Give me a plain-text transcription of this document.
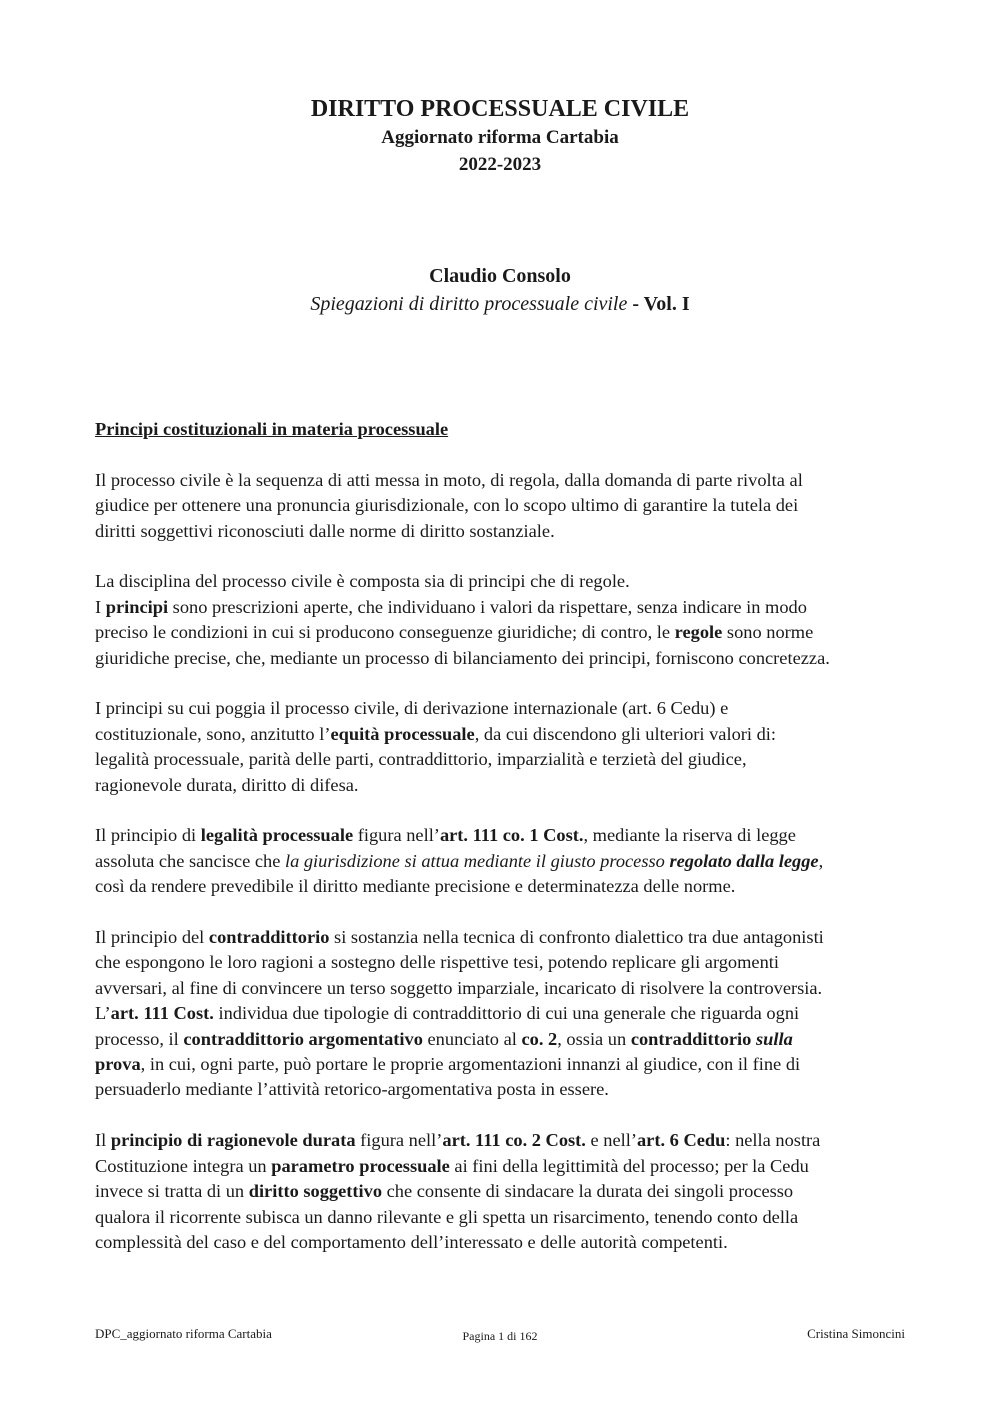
DIRITTO PROCESSUALE CIVILE

Aggiornato riforma Cartabia

2022-2023

Claudio Consolo

Spiegazioni di diritto processuale civile - Vol. I

Principi costituzionali in materia processuale

Il processo civile è la sequenza di atti messa in moto, di regola, dalla domanda di parte rivolta al
giudice per ottenere una pronuncia giurisdizionale, con lo scopo ultimo di garantire la tutela dei
diritti soggettivi riconosciuti dalle norme di diritto sostanziale.

La disciplina del processo civile è composta sia di principi che di regole.
I principi sono prescrizioni aperte, che individuano i valori da rispettare, senza indicare in modo
preciso le condizioni in cui si producono conseguenze giuridiche; di contro, le regole sono norme
giuridiche precise, che, mediante un processo di bilanciamento dei principi, forniscono concretezza.

I principi su cui poggia il processo civile, di derivazione internazionale (art. 6 Cedu) e
costituzionale, sono, anzitutto l’equità processuale, da cui discendono gli ulteriori valori di:
legalità processuale, parità delle parti, contraddittorio, imparzialità e terzietà del giudice,
ragionevole durata, diritto di difesa.

Il principio di legalità processuale figura nell’art. 111 co. 1 Cost., mediante la riserva di legge
assoluta che sancisce che la giurisdizione si attua mediante il giusto processo regolato dalla legge,
così da rendere prevedibile il diritto mediante precisione e determinatezza delle norme.

Il principio del contraddittorio si sostanzia nella tecnica di confronto dialettico tra due antagonisti
che espongono le loro ragioni a sostegno delle rispettive tesi, potendo replicare gli argomenti
avversari, al fine di convincere un terso soggetto imparziale, incaricato di risolvere la controversia.
L’art. 111 Cost. individua due tipologie di contraddittorio di cui una generale che riguarda ogni
processo, il contraddittorio argomentativo enunciato al co. 2, ossia un contraddittorio sulla
prova, in cui, ogni parte, può portare le proprie argomentazioni innanzi al giudice, con il fine di
persuaderlo mediante l’attività retorico-argomentativa posta in essere.

Il principio di ragionevole durata figura nell’art. 111 co. 2 Cost. e nell’art. 6 Cedu: nella nostra
Costituzione integra un parametro processuale ai fini della legittimità del processo; per la Cedu
invece si tratta di un diritto soggettivo che consente di sindacare la durata dei singoli processo
qualora il ricorrente subisca un danno rilevante e gli spetta un risarcimento, tenendo conto della
complessità del caso e del comportamento dell’interessato e delle autorità competenti.

DPC_aggiornato riforma Cartabia	Pagina 1 di 162	Cristina Simoncini
